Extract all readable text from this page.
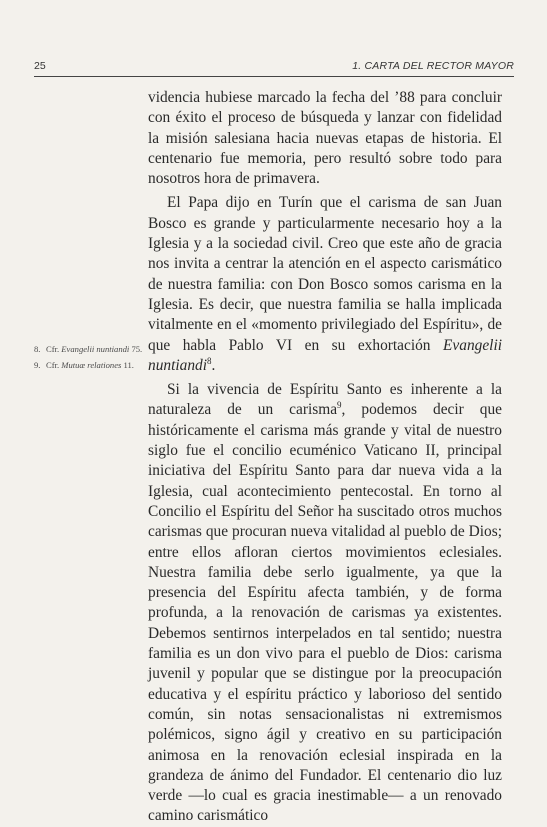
25	1. CARTA DEL RECTOR MAYOR
8. Cfr. Evangelii nuntiandi 75.
9. Cfr. Mutuæ relationes 11.

videncia hubiese marcado la fecha del ’88 para concluir con éxito el proceso de búsqueda y lanzar con fidelidad la misión salesiana hacia nuevas etapas de historia. El centenario fue memoria, pero resultó sobre todo para nosotros hora de primavera.

El Papa dijo en Turín que el carisma de san Juan Bosco es grande y particularmente necesario hoy a la Iglesia y a la sociedad civil. Creo que este año de gracia nos invita a centrar la atención en el aspecto carismático de nuestra familia: con Don Bosco somos carisma en la Iglesia. Es decir, que nuestra familia se halla implicada vitalmente en el «momento privilegiado del Espíritu», de que habla Pablo VI en su exhortación Evangelii nuntiandi$^8$.

Si la vivencia de Espíritu Santo es inherente a la naturaleza de un carisma$^9$, podemos decir que históricamente el carisma más grande y vital de nuestro siglo fue el concilio ecuménico Vaticano II, principal iniciativa del Espíritu Santo para dar nueva vida a la Iglesia, cual acontecimiento pentecostal. En torno al Concilio el Espíritu del Señor ha suscitado otros muchos carismas que procuran nueva vitalidad al pueblo de Dios; entre ellos afloran ciertos movimientos eclesiales. Nuestra familia debe serlo igualmente, ya que la presencia del Espíritu afecta también, y de forma profunda, a la renovación de carismas ya existentes. Debemos sentirnos interpelados en tal sentido; nuestra familia es un don vivo para el pueblo de Dios: carisma juvenil y popular que se distingue por la preocupación educativa y el espíritu práctico y laborioso del sentido común, sin notas sensacionalistas ni extremismos polémicos, signo ágil y creativo en su participación animosa en la renovación eclesial inspirada en la grandeza de ánimo del Fundador. El centenario dio luz verde —lo cual es gracia inestimable— a un renovado camino carismático
